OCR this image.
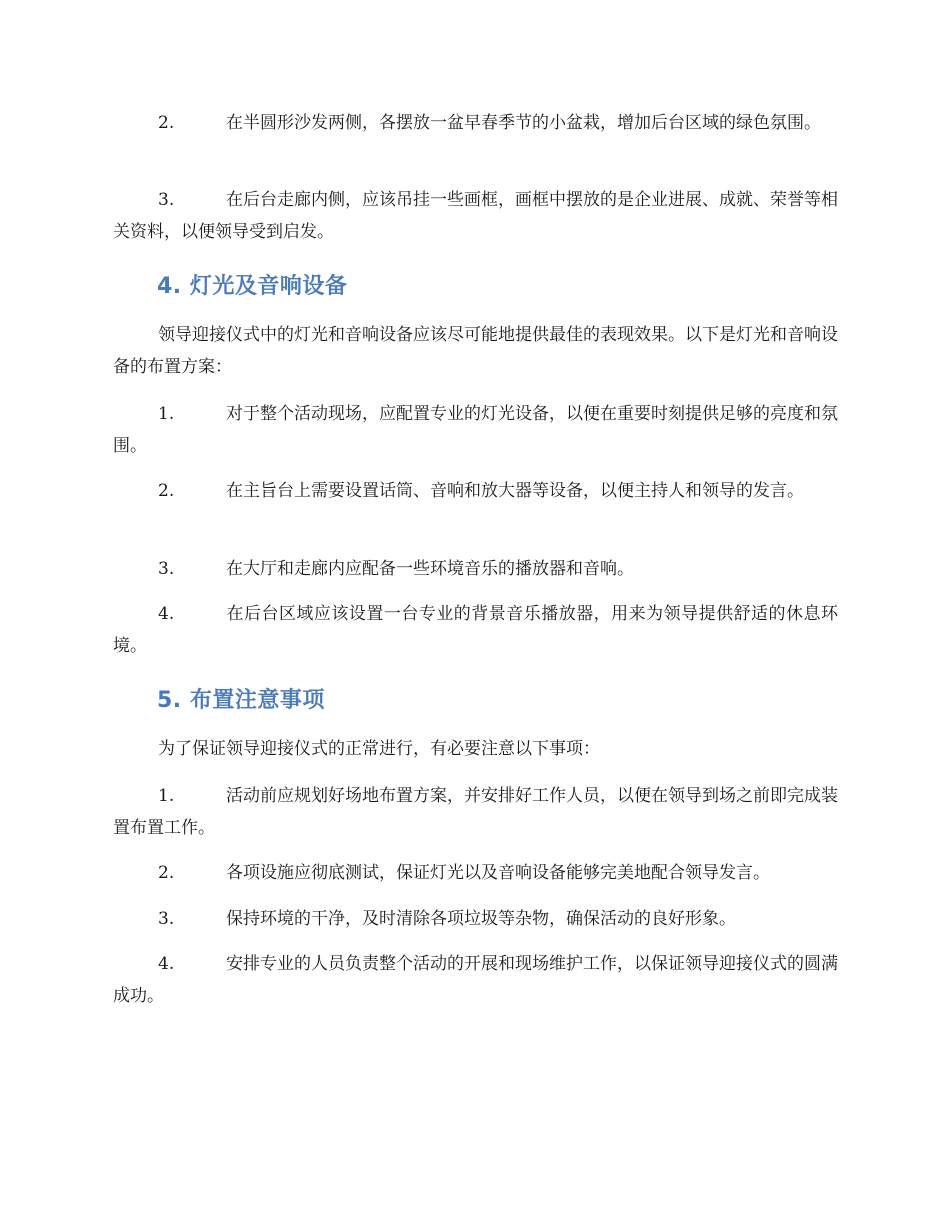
2.	在半圆形沙发两侧，各摆放一盆早春季节的小盆栽，增加后台区域的绿色氛围。
3.	在后台走廊内侧，应该吊挂一些画框，画框中摆放的是企业进展、成就、荣誉等相关资料，以便领导受到启发。
4. 灯光及音响设备
领导迎接仪式中的灯光和音响设备应该尽可能地提供最佳的表现效果。以下是灯光和音响设备的布置方案：
1.	对于整个活动现场，应配置专业的灯光设备，以便在重要时刻提供足够的亮度和氛围。
2.	在主旨台上需要设置话筒、音响和放大器等设备，以便主持人和领导的发言。
3.	在大厅和走廊内应配备一些环境音乐的播放器和音响。
4.	在后台区域应该设置一台专业的背景音乐播放器，用来为领导提供舒适的休息环境。
5. 布置注意事项
为了保证领导迎接仪式的正常进行，有必要注意以下事项：
1.	活动前应规划好场地布置方案，并安排好工作人员，以便在领导到场之前即完成装置布置工作。
2.	各项设施应彻底测试，保证灯光以及音响设备能够完美地配合领导发言。
3.	保持环境的干净，及时清除各项垃圾等杂物，确保活动的良好形象。
4.	安排专业的人员负责整个活动的开展和现场维护工作，以保证领导迎接仪式的圆满成功。
